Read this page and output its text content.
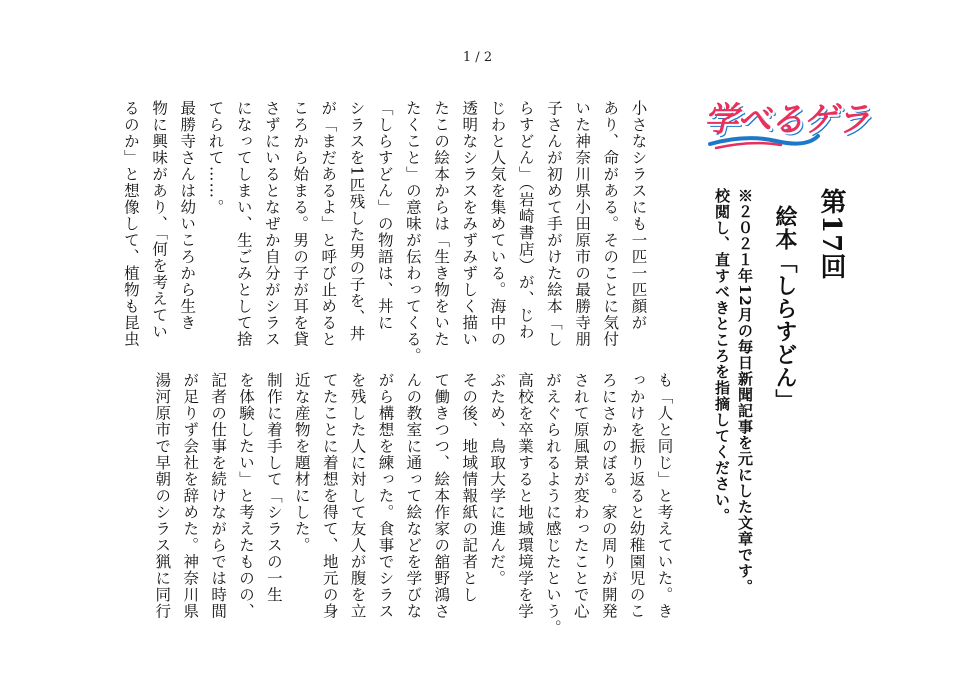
1 / 2
学べるゲラ
第17回
絵本「しらすどん」
※２０２１年12月の毎日新聞記事を元にした文章です。
校閲し、直すべきところを指摘してください。
も「人と同じ」と考えていた。き
っかけを振り返ると幼稚園児のこ
ろにさかのぼる。家の周りが開発
されて原風景が変わったことで心
がえぐられるように感じたという。
高校を卒業すると地域環境学を学
ぶため、鳥取大学に進んだ。
その後、地域情報紙の記者とし
て働きつつ、絵本作家の舘野鴻さ
んの教室に通って絵などを学びな
がら構想を練った。食事でシラス
を残した人に対して友人が腹を立
てたことに着想を得て、地元の身
近な産物を題材にした。
制作に着手して「シラスの一生
を体験したい」と考えたものの、
記者の仕事を続けながらでは時間
が足りず会社を辞めた。神奈川県
湯河原市で早朝のシラス猟に同行
小さなシラスにも一匹一匹顔が
あり、命がある。そのことに気付
いた神奈川県小田原市の最勝寺朋
子さんが初めて手がけた絵本「し
らすどん」（岩崎書店）が、じわ
じわと人気を集めている。海中の
透明なシラスをみずみずしく描い
たこの絵本からは「生き物をいた
たくこと」の意味が伝わってくる。
「しらすどん」の物語は、丼に
シラスを1匹残した男の子を、丼
が「まだあるよ」と呼び止めると
ころから始まる。男の子が耳を貸
さずにいるとなぜか自分がシラス
になってしまい、生ごみとして捨
てられて……。
最勝寺さんは幼いころから生き
物に興味があり、「何を考えてい
るのか」と想像して、植物も昆虫
